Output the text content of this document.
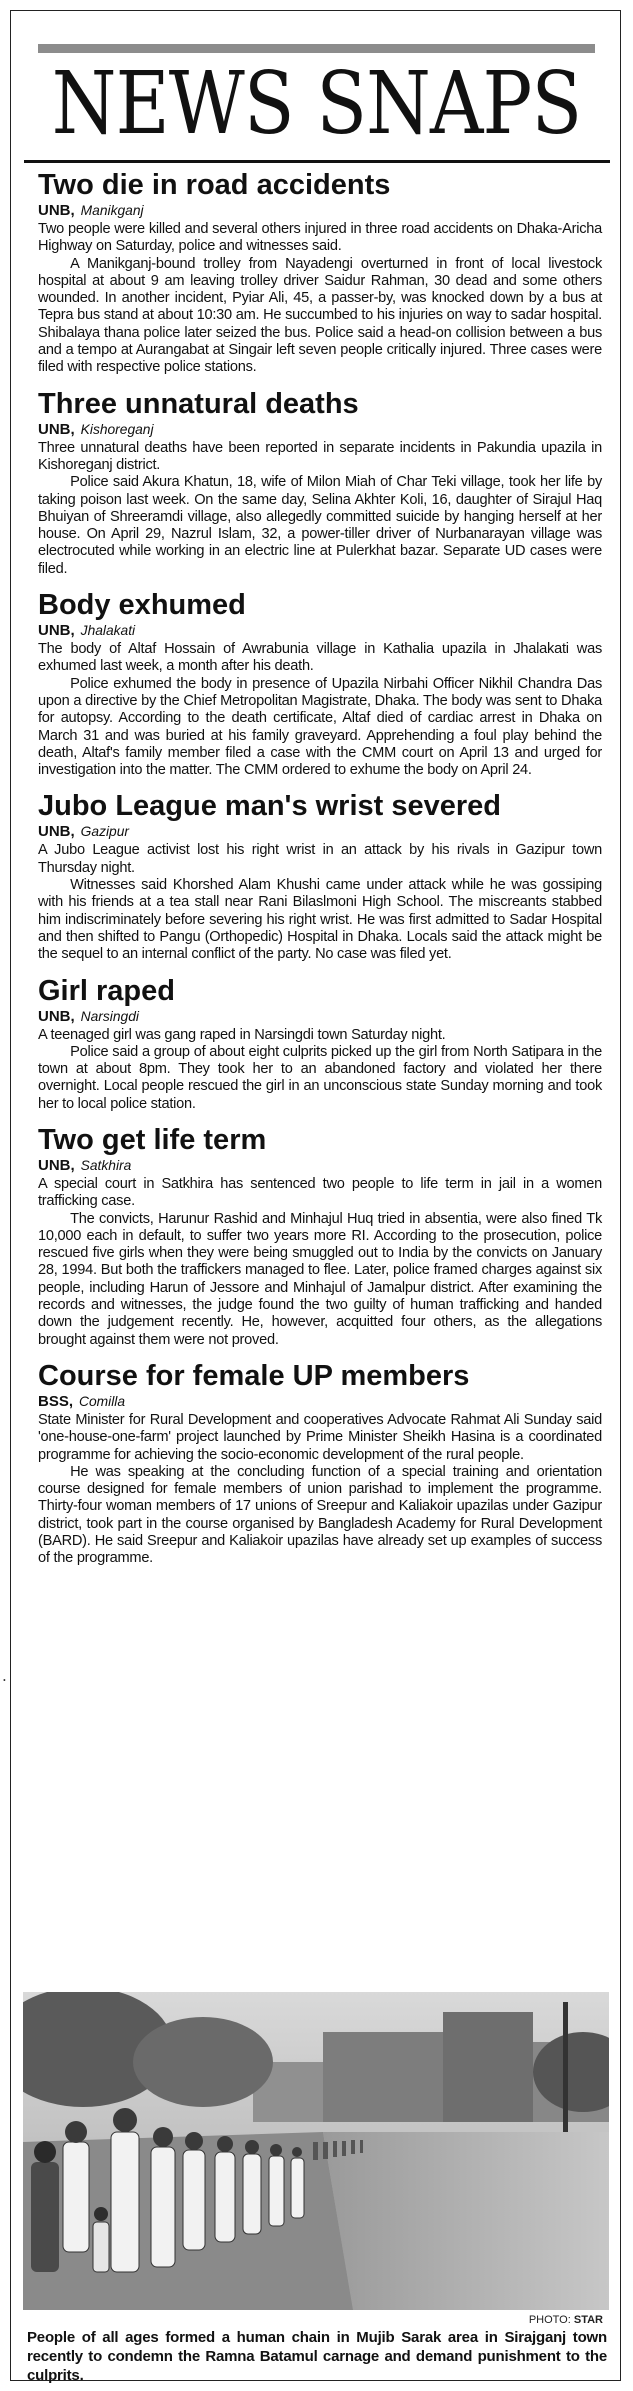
NEWS SNAPS
Two die in road accidents
UNB, Manikganj

Two people were killed and several others injured in three road accidents on Dhaka-Aricha Highway on Saturday, police and witnesses said.

A Manikganj-bound trolley from Nayadengi overturned in front of local livestock hospital at about 9 am leaving trolley driver Saidur Rahman, 30 dead and some others wounded. In another incident, Pyiar Ali, 45, a passer-by, was knocked down by a bus at Tepra bus stand at about 10:30 am. He succumbed to his injuries on way to sadar hospital. Shibalaya thana police later seized the bus. Police said a head-on collision between a bus and a tempo at Aurangabat at Singair left seven people critically injured. Three cases were filed with respective police stations.

Three unnatural deaths
UNB, Kishoreganj

Three unnatural deaths have been reported in separate incidents in Pakundia upazila in Kishoreganj district.

Police said Akura Khatun, 18, wife of Milon Miah of Char Teki village, took her life by taking poison last week. On the same day, Selina Akhter Koli, 16, daughter of Sirajul Haq Bhuiyan of Shreeramdi village, also allegedly committed suicide by hanging herself at her house. On April 29, Nazrul Islam, 32, a power-tiller driver of Nurbanarayan village was electrocuted while working in an electric line at Pulerkhat bazar. Separate UD cases were filed.

Body exhumed
UNB, Jhalakati

The body of Altaf Hossain of Awrabunia village in Kathalia upazila in Jhalakati was exhumed last week, a month after his death.

Police exhumed the body in presence of Upazila Nirbahi Officer Nikhil Chandra Das upon a directive by the Chief Metropolitan Magistrate, Dhaka. The body was sent to Dhaka for autopsy. According to the death certificate, Altaf died of cardiac arrest in Dhaka on March 31 and was buried at his family graveyard. Apprehending a foul play behind the death, Altaf's family member filed a case with the CMM court on April 13 and urged for investigation into the matter. The CMM ordered to exhume the body on April 24.

Jubo League man's wrist severed
UNB, Gazipur

A Jubo League activist lost his right wrist in an attack by his rivals in Gazipur town Thursday night.

Witnesses said Khorshed Alam Khushi came under attack while he was gossiping with his friends at a tea stall near Rani Bilaslmoni High School. The miscreants stabbed him indiscriminately before severing his right wrist. He was first admitted to Sadar Hospital and then shifted to Pangu (Orthopedic) Hospital in Dhaka. Locals said the attack might be the sequel to an internal conflict of the party. No case was filed yet.

Girl raped
UNB, Narsingdi

A teenaged girl was gang raped in Narsingdi town Saturday night.

Police said a group of about eight culprits picked up the girl from North Satipara in the town at about 8pm. They took her to an abandoned factory and violated her there overnight. Local people rescued the girl in an unconscious state Sunday morning and took her to local police station.

Two get life term
UNB, Satkhira

A special court in Satkhira has sentenced two people to life term in jail in a women trafficking case.

The convicts, Harunur Rashid and Minhajul Huq tried in absentia, were also fined Tk 10,000 each in default, to suffer two years more RI. According to the prosecution, police rescued five girls when they were being smuggled out to India by the convicts on January 28, 1994. But both the traffickers managed to flee. Later, police framed charges against six people, including Harun of Jessore and Minhajul of Jamalpur district. After examining the records and witnesses, the judge found the two guilty of human trafficking and handed down the judgement recently. He, however, acquitted four others, as the allegations brought against them were not proved.

Course for female UP members
BSS, Comilla

State Minister for Rural Development and cooperatives Advocate Rahmat Ali Sunday said 'one-house-one-farm' project launched by Prime Minister Sheikh Hasina is a coordinated programme for achieving the socio-economic development of the rural people.

He was speaking at the concluding function of a special training and orientation course designed for female members of union parishad to implement the programme. Thirty-four woman members of 17 unions of Sreepur and Kaliakoir upazilas under Gazipur district, took part in the course organised by Bangladesh Academy for Rural Development (BARD). He said Sreepur and Kaliakoir upazilas have already set up examples of success of the programme.

•
PHOTO: STAR
People of all ages formed a human chain in Mujib Sarak area in Sirajganj town recently to condemn the Ramna Batamul carnage and demand punishment to the culprits.
